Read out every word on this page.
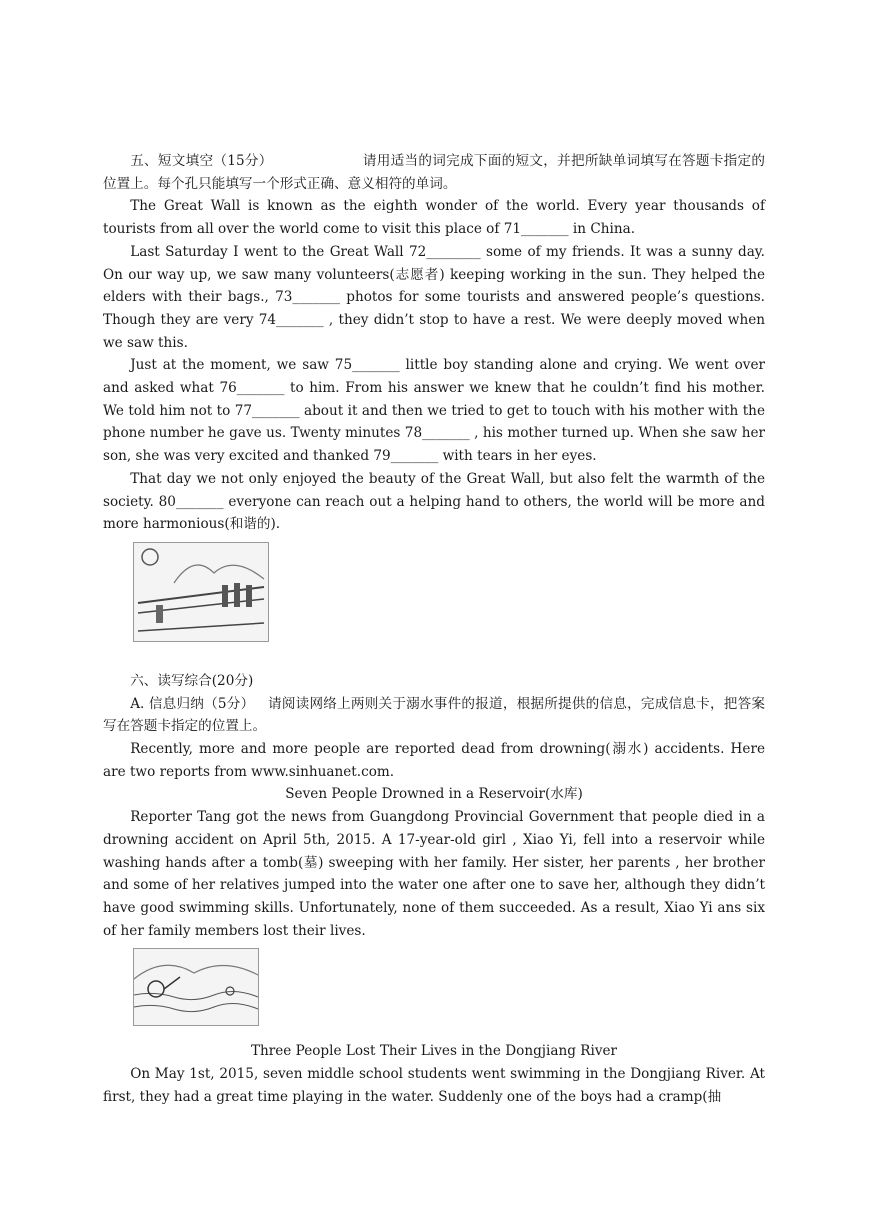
五、短文填空（15分）	请用适当的词完成下面的短文，并把所缺单词填写在答题卡指定的位置上。每个孔只能填写一个形式正确、意义相符的单词。

The Great Wall is known as the eighth wonder of the world. Every year thousands of tourists from all over the world come to visit this place of 71_______ in China.

Last Saturday I went to the Great Wall 72________ some of my friends. It was a sunny day. On our way up, we saw many volunteers(志愿者) keeping working in the sun. They helped the elders with their bags., 73_______ photos for some tourists and answered people’s questions. Though they are very 74_______ , they didn’t stop to have a rest. We were deeply moved when we saw this.

Just at the moment, we saw 75_______ little boy standing alone and crying. We went over and asked what 76_______ to him. From his answer we knew that he couldn’t find his mother. We told him not to 77_______ about it and then we tried to get to touch with his mother with the phone number he gave us. Twenty minutes 78_______ , his mother turned up. When she saw her son, she was very excited and thanked 79_______ with tears in her eyes.

That day we not only enjoyed the beauty of the Great Wall, but also felt the warmth of the society. 80_______ everyone can reach out a helping hand to others, the world will be more and more harmonious(和谐的).

六、读写综合(20分)

A. 信息归纳（5分） 请阅读网络上两则关于溺水事件的报道，根据所提供的信息，完成信息卡，把答案写在答题卡指定的位置上。

Recently, more and more people are reported dead from drowning(溺水) accidents. Here are two reports from www.sinhuanet.com.

Seven People Drowned in a Reservoir(水库)

Reporter Tang got the news from Guangdong Provincial Government that people died in a drowning accident on April 5th, 2015. A 17-year-old girl , Xiao Yi, fell into a reservoir while washing hands after a tomb(墓) sweeping with her family. Her sister, her parents , her brother and some of her relatives jumped into the water one after one to save her, although they didn’t have good swimming skills. Unfortunately, none of them succeeded. As a result, Xiao Yi ans six of her family members lost their lives.

Three People Lost Their Lives in the Dongjiang River

On May 1st, 2015, seven middle school students went swimming in the Dongjiang River. At first, they had a great time playing in the water. Suddenly one of the boys had a cramp(抽
